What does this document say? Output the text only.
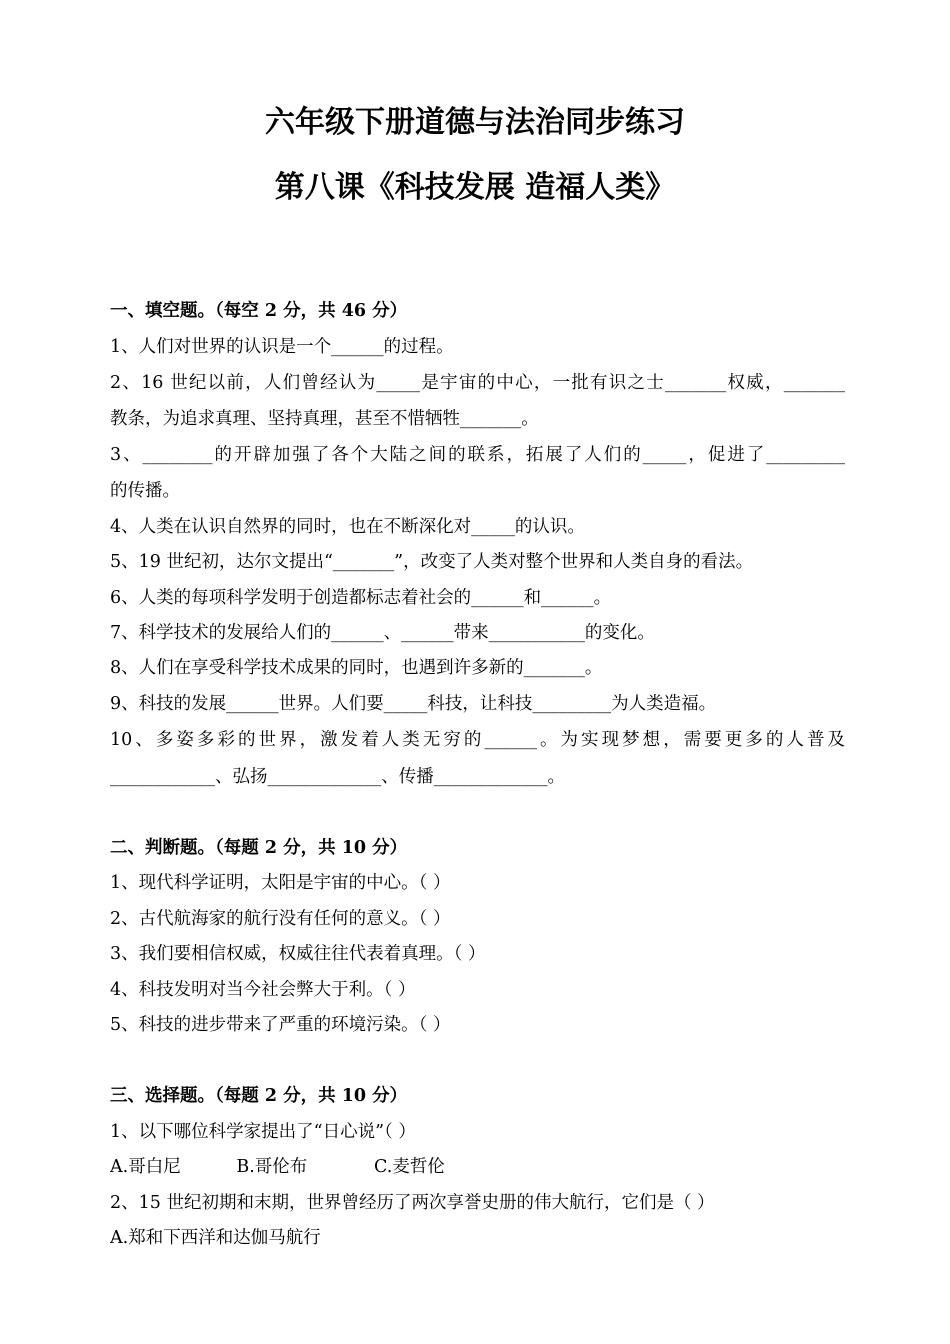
六年级下册道德与法治同步练习
第八课《科技发展 造福人类》
一、填空题。（每空 2 分，共 46 分）
1、人们对世界的认识是一个______的过程。
2、16 世纪以前，人们曾经认为_____是宇宙的中心，一批有识之士_______权威，_______
教条，为追求真理、坚持真理，甚至不惜牺牲_______。
3、________的开辟加强了各个大陆之间的联系，拓展了人们的_____，促进了_________
的传播。
4、人类在认识自然界的同时，也在不断深化对_____的认识。
5、19 世纪初，达尔文提出“_______”，改变了人类对整个世界和人类自身的看法。
6、人类的每项科学发明于创造都标志着社会的______和______。
7、科学技术的发展给人们的______、______带来___________的变化。
8、人们在享受科学技术成果的同时，也遇到许多新的_______。
9、科技的发展______世界。人们要_____科技，让科技_________为人类造福。
10、多姿多彩的世界，激发着人类无穷的______。为实现梦想，需要更多的人普及
____________、弘扬_____________、传播_____________。
二、判断题。（每题 2 分，共 10 分）
1、现代科学证明，太阳是宇宙的中心。（ ）
2、古代航海家的航行没有任何的意义。（ ）
3、我们要相信权威，权威往往代表着真理。（ ）
4、科技发明对当今社会弊大于利。（ ）
5、科技的进步带来了严重的环境污染。（ ）
三、选择题。（每题 2 分，共 10 分）
1、以下哪位科学家提出了“日心说”（ ）
A.哥白尼          B.哥伦布            C.麦哲伦
2、15 世纪初期和末期，世界曾经历了两次享誉史册的伟大航行，它们是（ ）
A.郑和下西洋和达伽马航行
